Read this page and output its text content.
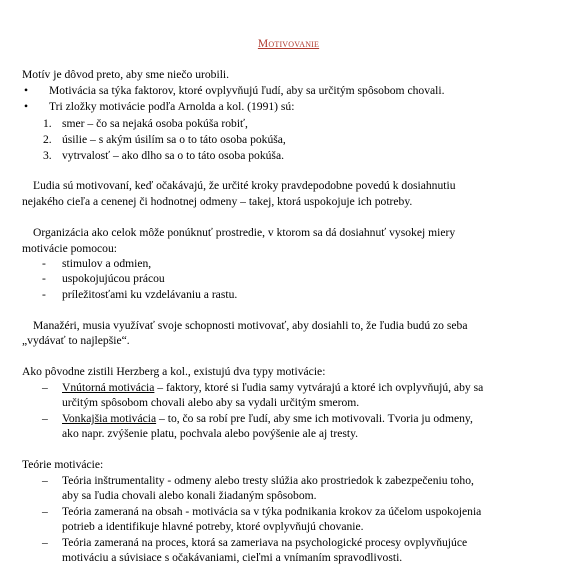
Motivovanie
Motív je dôvod preto, aby sme niečo urobili.
• Motivácia sa týka faktorov, ktoré ovplyvňujú ľudí, aby sa určitým spôsobom chovali.
• Tri zložky motivácie podľa Arnolda a kol. (1991) sú:
1. smer – čo sa nejaká osoba pokúša robiť,
2. úsilie – s akým úsilím sa o to táto osoba pokúša,
3. vytrvalosť – ako dlho sa o to táto osoba pokúša.
Ľudia sú motivovaní, keď očakávajú, že určité kroky pravdepodobne povedú k dosiahnutiu
nejakého cieľa a cenenej či hodnotnej odmeny – takej, ktorá uspokojuje ich potreby.
Organizácia ako celok môže ponúknuť prostredie, v ktorom sa dá dosiahnuť vysokej miery
motivácie pomocou:
- stimulov a odmien,
- uspokojujúcou prácou
- príležitosťami ku vzdelávaniu a rastu.
Manažéri, musia využívať svoje schopnosti motivovať, aby dosiahli to, že ľudia budú zo seba
„vydávať to najlepšie“.
Ako pôvodne zistili Herzberg a kol., existujú dva typy motivácie:
– Vnútorná motivácia – faktory, ktoré si ľudia samy vytvárajú a ktoré ich ovplyvňujú, aby sa
určitým spôsobom chovali alebo aby sa vydali určitým smerom.
– Vonkajšia motivácia – to, čo sa robí pre ľudí, aby sme ich motivovali. Tvoria ju odmeny,
ako napr. zvýšenie platu, pochvala alebo povýšenie ale aj tresty.
Teórie motivácie:
– Teória inštrumentality - odmeny alebo tresty slúžia ako prostriedok k zabezpečeniu toho,
aby sa ľudia chovali alebo konali žiadaným spôsobom.
– Teória zameraná na obsah - motivácia sa v týka podnikania krokov za účelom uspokojenia
potrieb a identifikuje hlavné potreby, ktoré ovplyvňujú chovanie.
– Teória zameraná na proces, ktorá sa zameriava na psychologické procesy ovplyvňujúce
motiváciu a súvisiace s očakávaniami, cieľmi a vnímaním spravodlivosti.
